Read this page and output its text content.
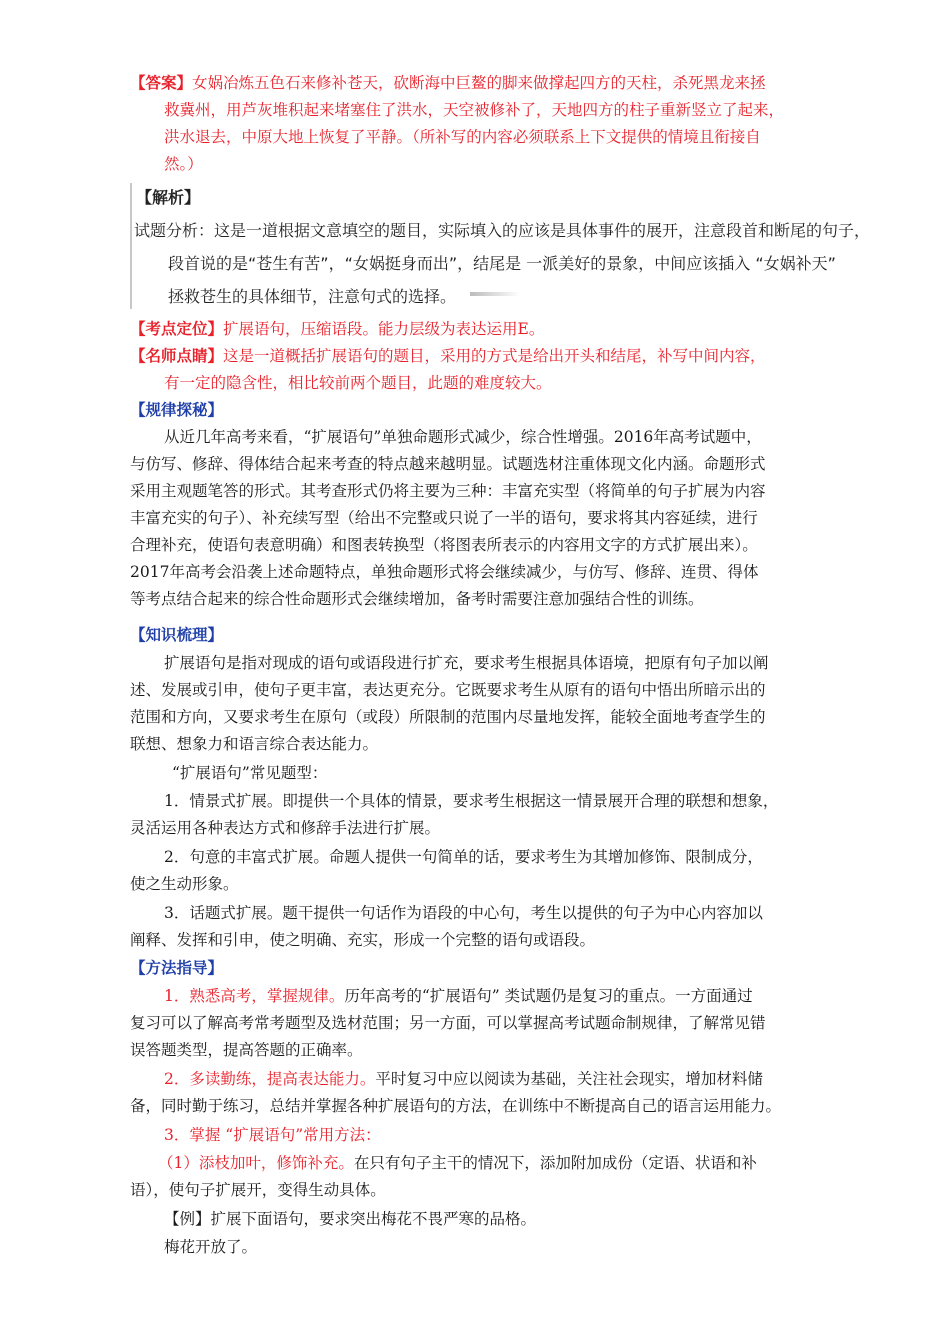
【答案】女娲冶炼五色石来修补苍天，砍断海中巨鳌的脚来做撑起四方的天柱，杀死黑龙来拯
救冀州，用芦灰堆积起来堵塞住了洪水，天空被修补了，天地四方的柱子重新竖立了起来，
洪水退去，中原大地上恢复了平静。（所补写的内容必须联系上下文提供的情境且衔接自
然。）
【解析】
试题分析：这是一道根据文意填空的题目，实际填入的应该是具体事件的展开，注意段首和断尾的句子，
段首说的是“苍生有苦”，“女娲挺身而出”，结尾是 一派美好的景象，中间应该插入 “女娲补天”
拯救苍生的具体细节，注意句式的选择。
【考点定位】扩展语句，压缩语段。能力层级为表达运用E。
【名师点睛】这是一道概括扩展语句的题目，采用的方式是给出开头和结尾，补写中间内容，
有一定的隐含性，相比较前两个题目，此题的难度较大。
【规律探秘】
从近几年高考来看，“扩展语句”单独命题形式减少，综合性增强。2016年高考试题中，
与仿写、修辞、得体结合起来考查的特点越来越明显。试题选材注重体现文化内涵。命题形式
采用主观题笔答的形式。其考查形式仍将主要为三种：丰富充实型（将简单的句子扩展为内容
丰富充实的句子）、补充续写型（给出不完整或只说了一半的语句，要求将其内容延续，进行
合理补充，使语句表意明确）和图表转换型（将图表所表示的内容用文字的方式扩展出来）。
2017年高考会沿袭上述命题特点，单独命题形式将会继续减少，与仿写、修辞、连贯、得体
等考点结合起来的综合性命题形式会继续增加，备考时需要注意加强结合性的训练。
【知识梳理】
扩展语句是指对现成的语句或语段进行扩充，要求考生根据具体语境，把原有句子加以阐
述、发展或引申，使句子更丰富，表达更充分。它既要求考生从原有的语句中悟出所暗示出的
范围和方向，又要求考生在原句（或段）所限制的范围内尽量地发挥，能较全面地考查学生的
联想、想象力和语言综合表达能力。
“扩展语句”常见题型：
1．情景式扩展。即提供一个具体的情景，要求考生根据这一情景展开合理的联想和想象，
灵活运用各种表达方式和修辞手法进行扩展。
2．句意的丰富式扩展。命题人提供一句简单的话，要求考生为其增加修饰、限制成分，
使之生动形象。
3．话题式扩展。题干提供一句话作为语段的中心句，考生以提供的句子为中心内容加以
阐释、发挥和引申，使之明确、充实，形成一个完整的语句或语段。
【方法指导】
1．熟悉高考，掌握规律。历年高考的“扩展语句” 类试题仍是复习的重点。一方面通过
复习可以了解高考常考题型及选材范围；另一方面，可以掌握高考试题命制规律，了解常见错
误答题类型，提高答题的正确率。
2．多读勤练，提高表达能力。平时复习中应以阅读为基础，关注社会现实，增加材料储
备，同时勤于练习，总结并掌握各种扩展语句的方法，在训练中不断提高自己的语言运用能力。
3．掌握 “扩展语句”常用方法：
（1）添枝加叶，修饰补充。在只有句子主干的情况下，添加附加成份（定语、状语和补
语），使句子扩展开，变得生动具体。
【例】扩展下面语句，要求突出梅花不畏严寒的品格。
梅花开放了。
